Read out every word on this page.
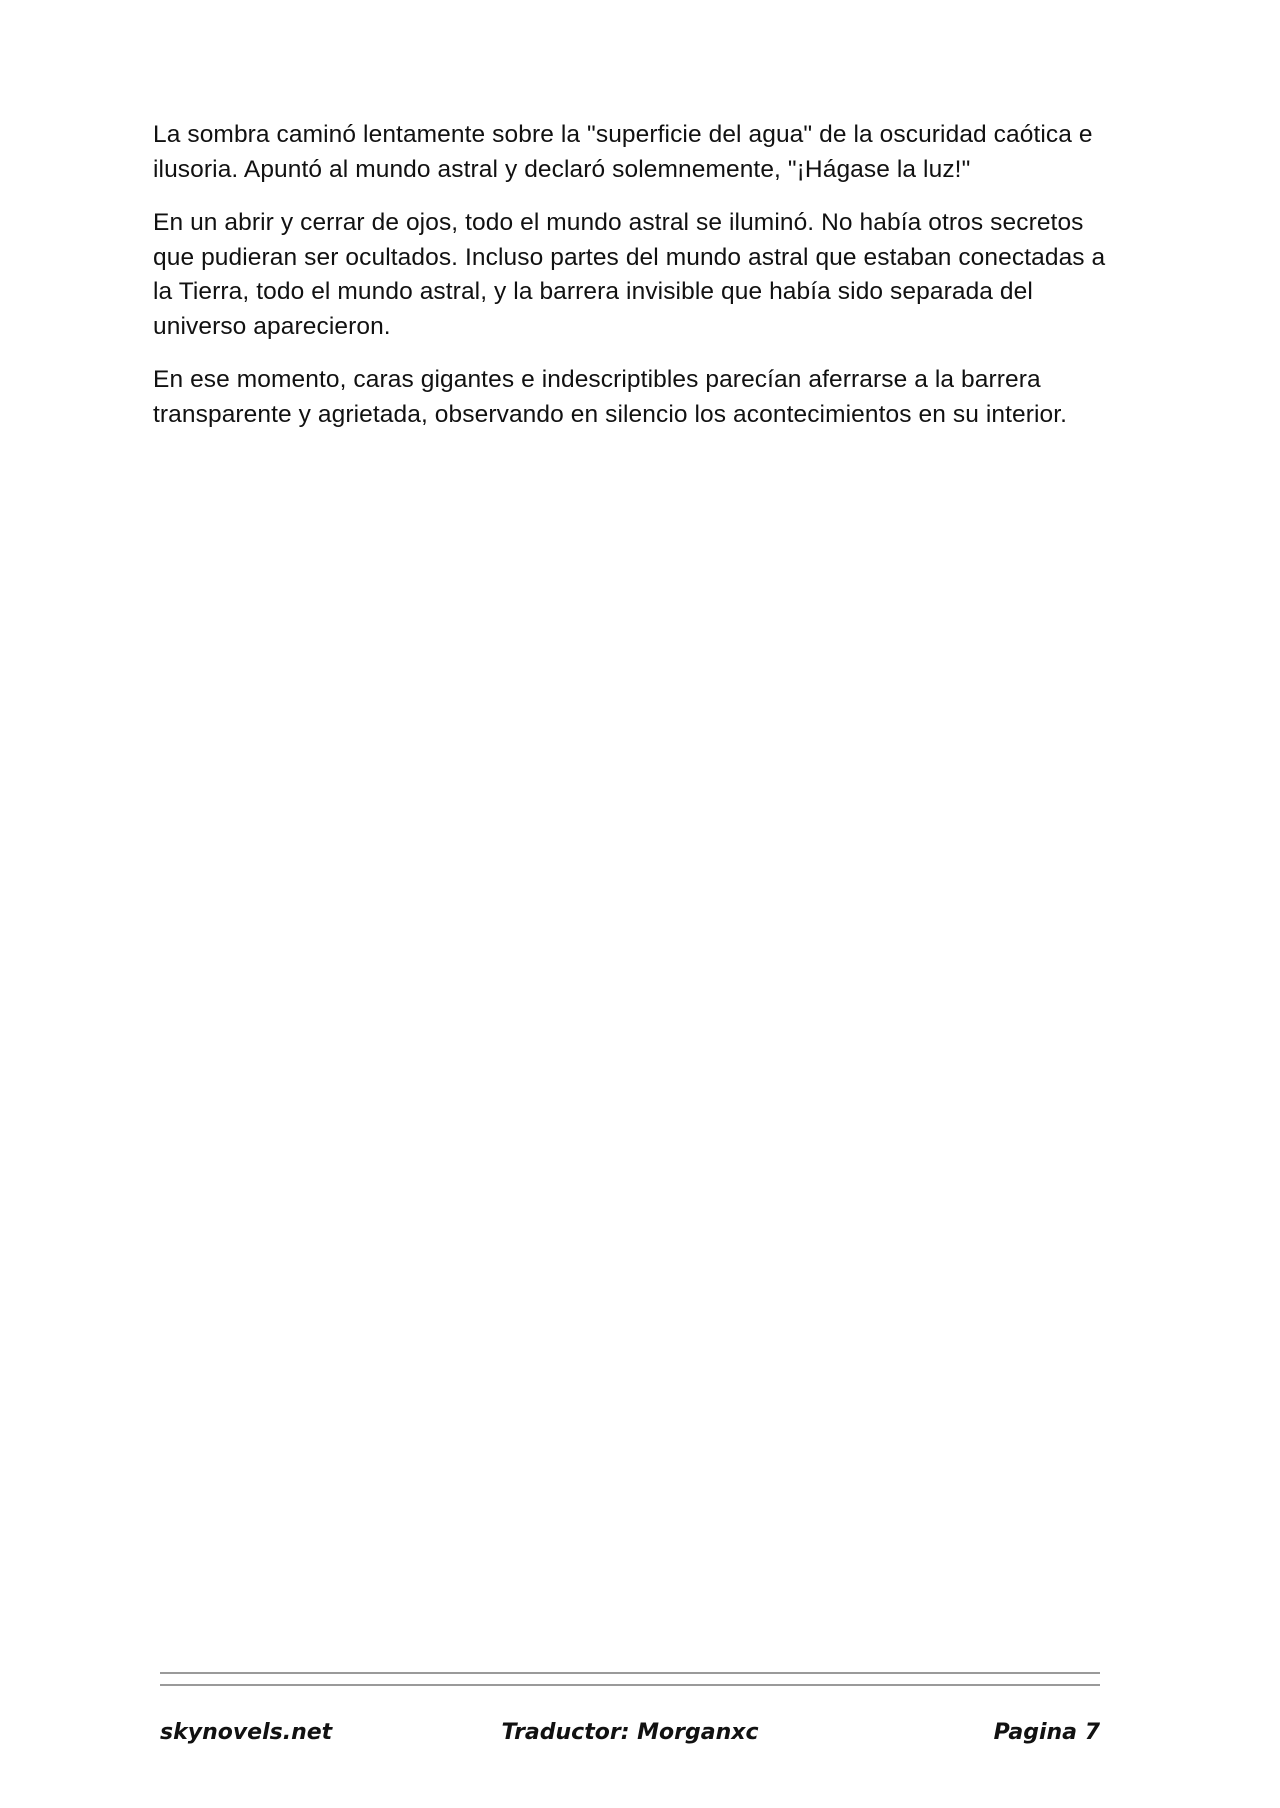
La sombra caminó lentamente sobre la "superficie del agua" de la oscuridad caótica e ilusoria. Apuntó al mundo astral y declaró solemnemente, "¡Hágase la luz!"

En un abrir y cerrar de ojos, todo el mundo astral se iluminó. No había otros secretos que pudieran ser ocultados. Incluso partes del mundo astral que estaban conectadas a la Tierra, todo el mundo astral, y la barrera invisible que había sido separada del universo aparecieron.

En ese momento, caras gigantes e indescriptibles parecían aferrarse a la barrera transparente y agrietada, observando en silencio los acontecimientos en su interior.

skynovels.net	Traductor: Morganxc	Pagina 7
